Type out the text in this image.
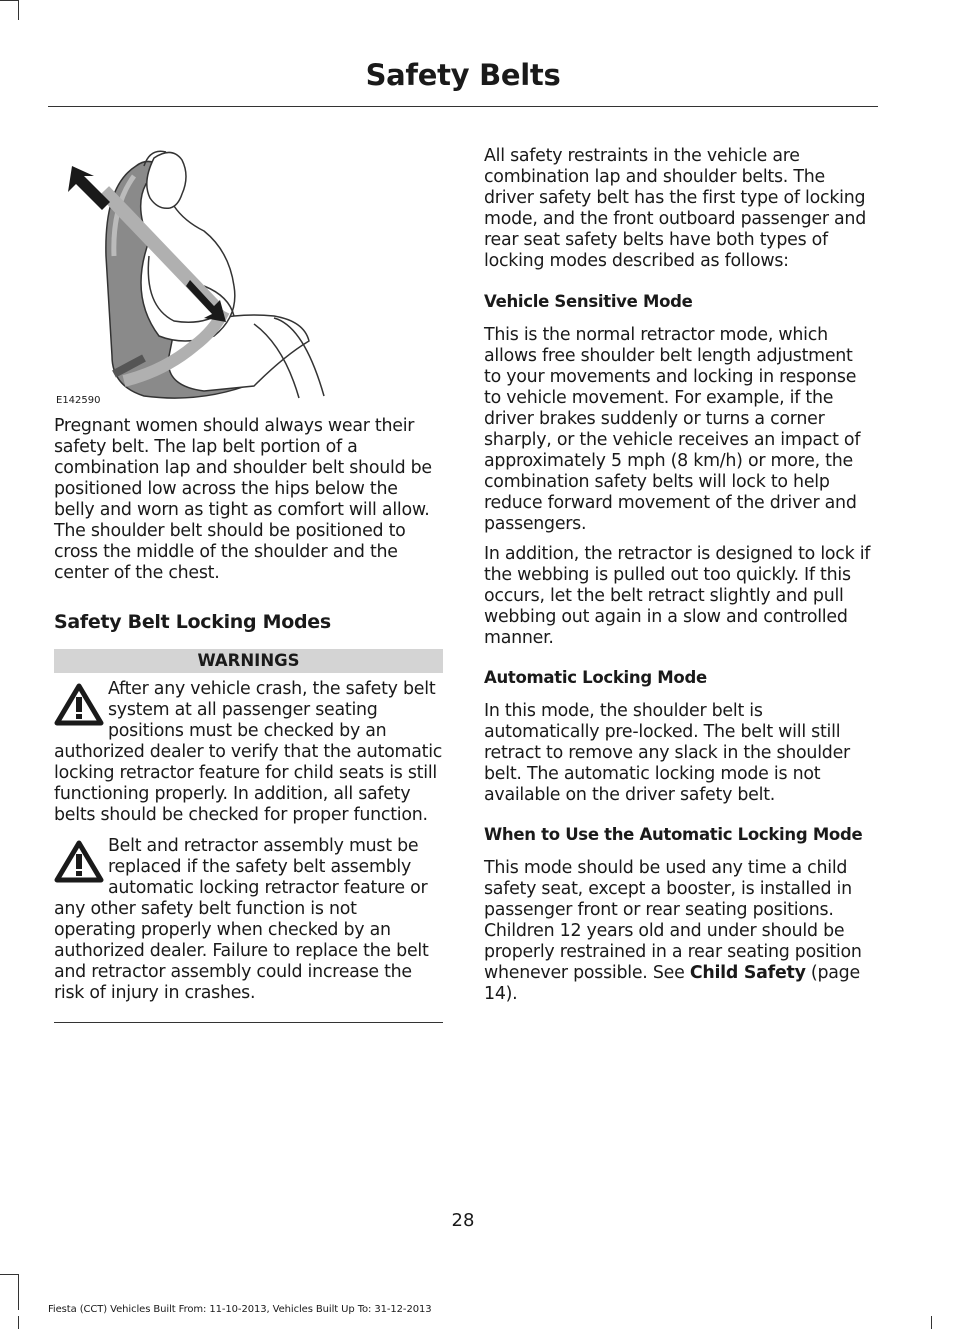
Safety Belts
E142590

Pregnant women should always wear their safety belt. The lap belt portion of a combination lap and shoulder belt should be positioned low across the hips below the belly and worn as tight as comfort will allow. The shoulder belt should be positioned to cross the middle of the shoulder and the center of the chest.

Safety Belt Locking Modes
WARNINGS

After any vehicle crash, the safety belt system at all passenger seating positions must be checked by an authorized dealer to verify that the automatic locking retractor feature for child seats is still functioning properly. In addition, all safety belts should be checked for proper function.

Belt and retractor assembly must be replaced if the safety belt assembly automatic locking retractor feature or any other safety belt function is not operating properly when checked by an authorized dealer. Failure to replace the belt and retractor assembly could increase the risk of injury in crashes.

All safety restraints in the vehicle are combination lap and shoulder belts. The driver safety belt has the first type of locking mode, and the front outboard passenger and rear seat safety belts have both types of locking modes described as follows:

Vehicle Sensitive Mode

This is the normal retractor mode, which allows free shoulder belt length adjustment to your movements and locking in response to vehicle movement. For example, if the driver brakes suddenly or turns a corner sharply, or the vehicle receives an impact of approximately 5 mph (8 km/h) or more, the combination safety belts will lock to help reduce forward movement of the driver and passengers.

In addition, the retractor is designed to lock if the webbing is pulled out too quickly. If this occurs, let the belt retract slightly and pull webbing out again in a slow and controlled manner.

Automatic Locking Mode

In this mode, the shoulder belt is automatically pre-locked. The belt will still retract to remove any slack in the shoulder belt. The automatic locking mode is not available on the driver safety belt.

When to Use the Automatic Locking Mode

This mode should be used any time a child safety seat, except a booster, is installed in passenger front or rear seating positions. Children 12 years old and under should be properly restrained in a rear seating position whenever possible. See Child Safety (page 14).

28
Fiesta (CCT) Vehicles Built From: 11-10-2013, Vehicles Built Up To: 31-12-2013
